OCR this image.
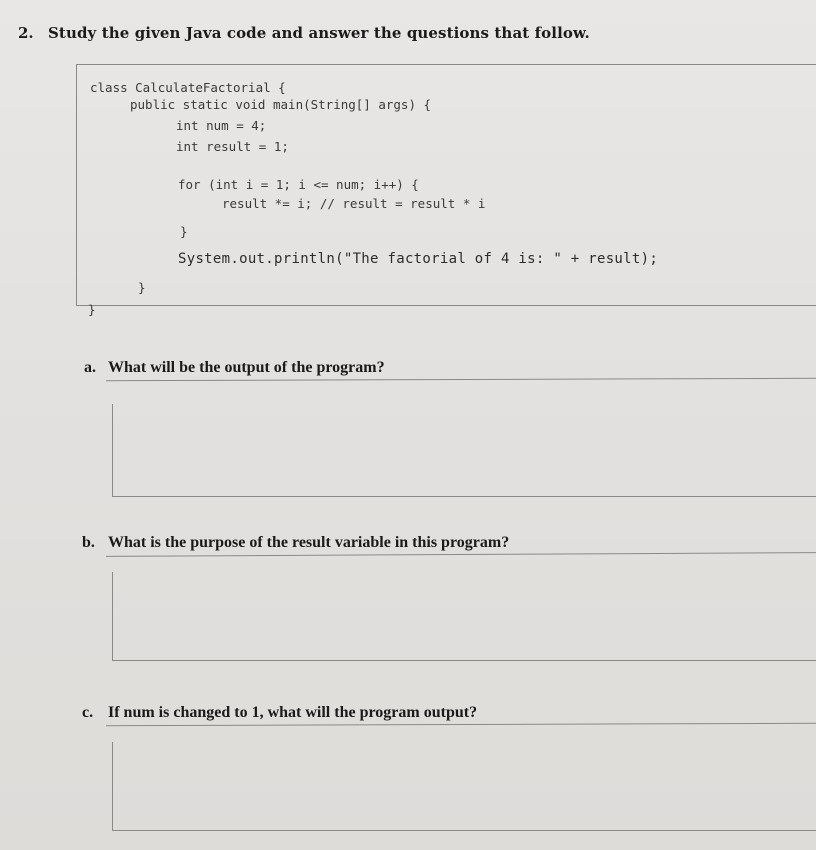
2. Study the given Java code and answer the questions that follow.
class CalculateFactorial {
public static void main(String[] args) {
int num = 4;
int result = 1;
for (int i = 1; i <= num; i++) {
result *= i; // result = result * i
}
System.out.println("The factorial of 4 is: " + result);
}
}
a. What will be the output of the program?
b. What is the purpose of the result variable in this program?
c. If num is changed to 1, what will the program output?
